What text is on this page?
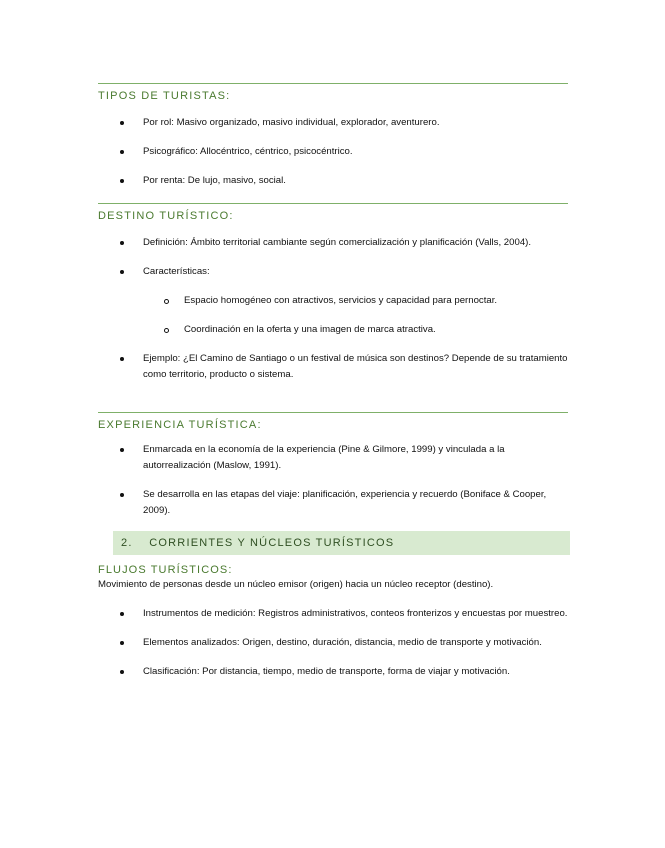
TIPOS DE TURISTAS:
Por rol: Masivo organizado, masivo individual, explorador, aventurero.
Psicográfico: Allocéntrico, céntrico, psicocéntrico.
Por renta: De lujo, masivo, social.
DESTINO TURÍSTICO:
Definición: Ámbito territorial cambiante según comercialización y planificación (Valls, 2004).
Características:
Espacio homogéneo con atractivos, servicios y capacidad para pernoctar.
Coordinación en la oferta y una imagen de marca atractiva.
Ejemplo: ¿El Camino de Santiago o un festival de música son destinos? Depende de su tratamiento como territorio, producto o sistema.
EXPERIENCIA TURÍSTICA:
Enmarcada en la economía de la experiencia (Pine & Gilmore, 1999) y vinculada a la autorrealización (Maslow, 1991).
Se desarrolla en las etapas del viaje: planificación, experiencia y recuerdo (Boniface & Cooper, 2009).
2. CORRIENTES Y NÚCLEOS TURÍSTICOS
FLUJOS TURÍSTICOS:
Movimiento de personas desde un núcleo emisor (origen) hacia un núcleo receptor (destino).
Instrumentos de medición: Registros administrativos, conteos fronterizos y encuestas por muestreo.
Elementos analizados: Origen, destino, duración, distancia, medio de transporte y motivación.
Clasificación: Por distancia, tiempo, medio de transporte, forma de viajar y motivación.
